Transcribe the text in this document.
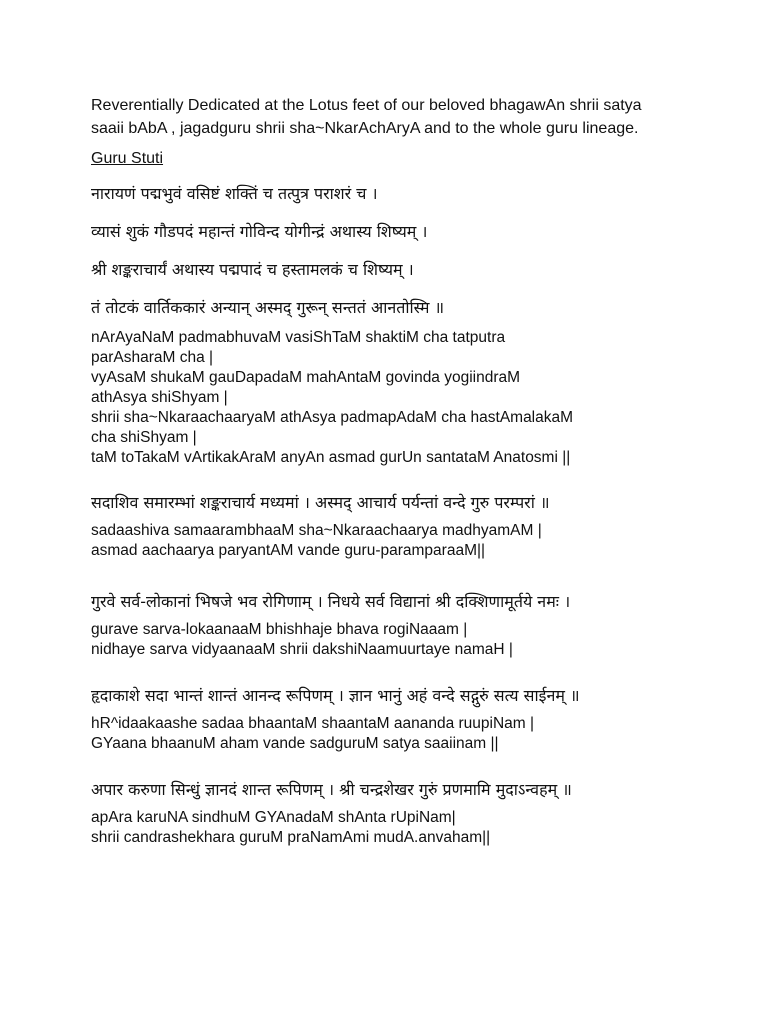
Reverentially Dedicated at the Lotus feet of our beloved bhagawAn shrii satya

saaii bAbA , jagadguru shrii sha~NkarAchAryA and to the whole guru lineage.

Guru Stuti

नारायणं पद्मभुवं वसिष्टं शक्तिं च तत्पुत्र पराशरं च ।

व्यासं शुकं गौडपदं महान्तं गोविन्द योगीन्द्रं अथास्य शिष्यम् ।

श्री शङ्कराचार्यं अथास्य पद्मपादं च हस्तामलकं च शिष्यम् ।

तं तोटकं वार्तिककारं अन्यान् अस्मद् गुरून् सन्ततं आनतोस्मि ॥

nArAyaNaM padmabhuvaM vasiShTaM shaktiM cha tatputra

parAsharaM cha |

vyAsaM shukaM gauDapadaM mahAntaM govinda yogiindraM

athAsya shiShyam |

shrii sha~NkaraachaaryaM athAsya padmapAdaM cha hastAmalakaM

cha shiShyam |

taM toTakaM vArtikakAraM anyAn asmad gurUn santataM Anatosmi ||

सदाशिव समारम्भां शङ्कराचार्य मध्यमां । अस्मद् आचार्य पर्यन्तां वन्दे गुरु परम्परां ॥

sadaashiva samaarambhaaM sha~Nkaraachaarya madhyamAM |

asmad aachaarya paryantAM vande guru-paramparaaM||

गुरवे सर्व-लोकानां भिषजे भव रोगिणाम् । निधये सर्व विद्यानां श्री दक्शिणामूर्तये नमः ।

gurave sarva-lokaanaaM bhishhaje bhava rogiNaaam |

nidhaye sarva vidyaanaaM shrii dakshiNaamuurtaye namaH |

हृदाकाशे सदा भान्तं शान्तं आनन्द रूपिणम् । ज्ञान भानुं अहं वन्दे सद्गुरुं सत्य साईनम् ॥

hR^idaakaashe sadaa bhaantaM shaantaM aananda ruupiNam |

GYaana bhaanuM aham vande sadguruM satya saaiinam ||

अपार करुणा सिन्धुं ज्ञानदं शान्त रूपिणम् । श्री चन्द्रशेखर गुरुं प्रणमामि मुदाऽन्वहम् ॥

apAra karuNA sindhuM GYAnadaM shAnta rUpiNam|

shrii candrashekhara guruM praNamAmi mudA.anvaham||
